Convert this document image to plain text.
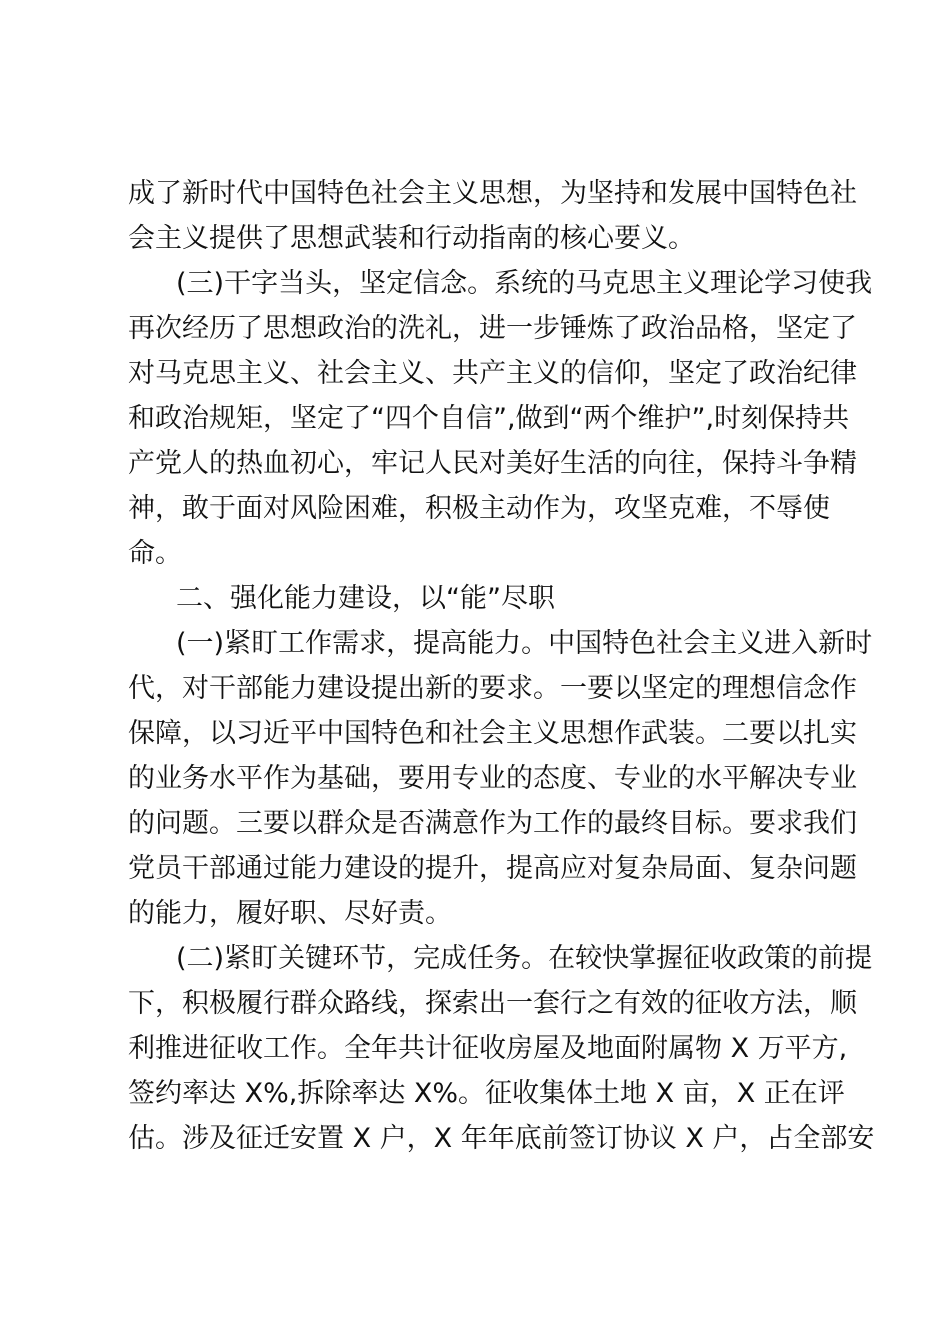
成了新时代中国特色社会主义思想，为坚持和发展中国特色社
会主义提供了思想武装和行动指南的核心要义。
(三)干字当头，坚定信念。系统的马克思主义理论学习使我
再次经历了思想政治的洗礼，进一步锤炼了政治品格，坚定了
对马克思主义、社会主义、共产主义的信仰，坚定了政治纪律
和政治规矩，坚定了“四个自信”,做到“两个维护”,时刻保持共
产党人的热血初心，牢记人民对美好生活的向往，保持斗争精
神，敢于面对风险困难，积极主动作为，攻坚克难，不辱使
命。
二、强化能力建设，以“能”尽职
(一)紧盯工作需求，提高能力。中国特色社会主义进入新时
代，对干部能力建设提出新的要求。一要以坚定的理想信念作
保障，以习近平中国特色和社会主义思想作武装。二要以扎实
的业务水平作为基础，要用专业的态度、专业的水平解决专业
的问题。三要以群众是否满意作为工作的最终目标。要求我们
党员干部通过能力建设的提升，提高应对复杂局面、复杂问题
的能力，履好职、尽好责。
(二)紧盯关键环节，完成任务。在较快掌握征收政策的前提
下，积极履行群众路线，探索出一套行之有效的征收方法，顺
利推进征收工作。全年共计征收房屋及地面附属物 X 万平方,
签约率达 X%,拆除率达 X%。征收集体土地 X 亩，X 正在评
估。涉及征迁安置 X 户，X 年年底前签订协议 X 户，占全部安
